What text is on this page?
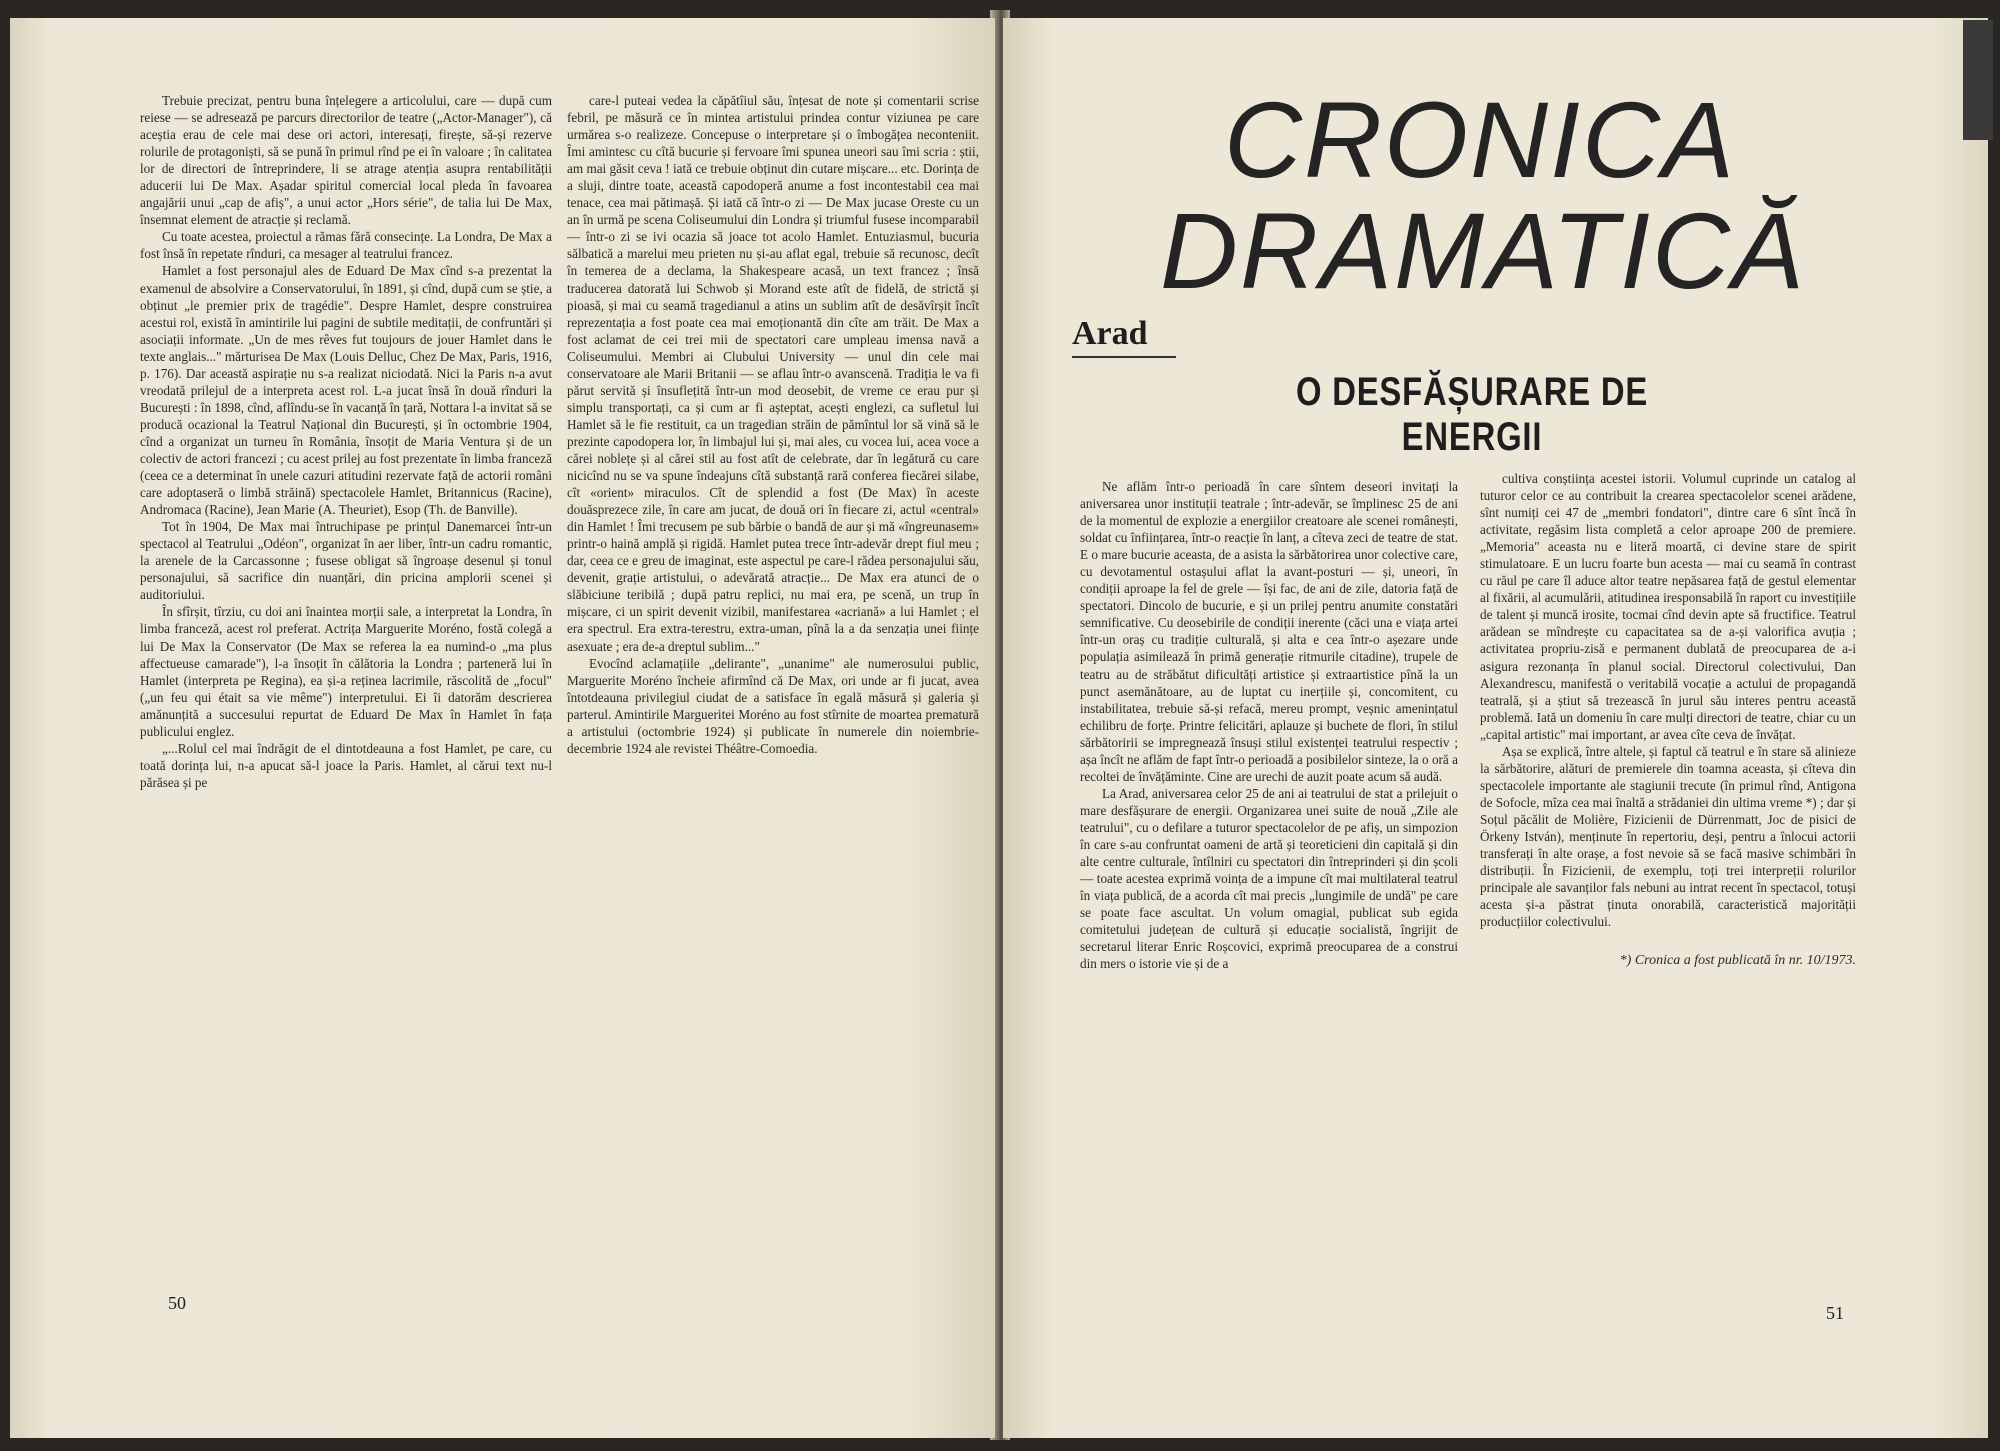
Trebuie precizat, pentru buna înțelegere a articolului, care — după cum reiese — se adresează pe parcurs directorilor de teatre („Actor-Manager"), că aceștia erau de cele mai dese ori actori, interesați, firește, să-și rezerve rolurile de protagoniști, să se pună în primul rînd pe ei în valoare ; în calitatea lor de directori de întreprindere, li se atrage atenția asupra rentabilității aducerii lui De Max. Așadar spiritul comercial local pleda în favoarea angajării unui „cap de afiș", a unui actor „Hors série", de talia lui De Max, însemnat element de atracție și reclamă.

Cu toate acestea, proiectul a rămas fără consecințe. La Londra, De Max a fost însă în repetate rînduri, ca mesager al teatrului francez.

Hamlet a fost personajul ales de Eduard De Max cînd s-a prezentat la examenul de absolvire a Conservatorului, în 1891, și cînd, după cum se știe, a obținut „le premier prix de tragédie". Despre Hamlet, despre construirea acestui rol, există în amintirile lui pagini de subtile meditații, de confruntări și asociații informate. „Un de mes rêves fut toujours de jouer Hamlet dans le texte anglais..." mărturisea De Max (Louis Delluc, Chez De Max, Paris, 1916, p. 176). Dar această aspirație nu s-a realizat niciodată. Nici la Paris n-a avut vreodată prilejul de a interpreta acest rol. L-a jucat însă în două rînduri la București : în 1898, cînd, aflîndu-se în vacanță în țară, Nottara l-a invitat să se producă ocazional la Teatrul Național din București, și în octombrie 1904, cînd a organizat un turneu în România, însoțit de Maria Ventura și de un colectiv de actori francezi ; cu acest prilej au fost prezentate în limba franceză (ceea ce a determinat în unele cazuri atitudini rezervate față de actorii români care adoptaseră o limbă străină) spectacolele Hamlet, Britannicus (Racine), Andromaca (Racine), Jean Marie (A. Theuriet), Esop (Th. de Banville).

Tot în 1904, De Max mai întruchipase pe prințul Danemarcei într-un spectacol al Teatrului „Odéon", organizat în aer liber, într-un cadru romantic, la arenele de la Carcassonne ; fusese obligat să îngroașe desenul și tonul personajului, să sacrifice din nuanțări, din pricina amplorii scenei și auditoriului.

În sfîrșit, tîrziu, cu doi ani înaintea morții sale, a interpretat la Londra, în limba franceză, acest rol preferat. Actrița Marguerite Moréno, fostă colegă a lui De Max la Conservator (De Max se referea la ea numind-o „ma plus affectueuse camarade"), l-a însoțit în călătoria la Londra ; parteneră lui în Hamlet (interpreta pe Regina), ea și-a reținea lacrimile, răscolită de „focul" („un feu qui était sa vie même") interpretului. Ei îi datorăm descrierea amănunțită a succesului repurtat de Eduard De Max în Hamlet în fața publicului englez.

„...Rolul cel mai îndrăgit de el dintotdeauna a fost Hamlet, pe care, cu toată dorința lui, n-a apucat să-l joace la Paris. Hamlet, al cărui text nu-l părăsea și pe

care-l puteai vedea la căpătîiul său, înțesat de note și comentarii scrise febril, pe măsură ce în mintea artistului prindea contur viziunea pe care urmărea s-o realizeze. Concepuse o interpretare și o îmbogățea neconteniit. Îmi amintesc cu cîtă bucurie și fervoare îmi spunea uneori sau îmi scria : știi, am mai găsit ceva ! iată ce trebuie obținut din cutare mișcare... etc. Dorința de a sluji, dintre toate, această capodoperă anume a fost incontestabil cea mai tenace, cea mai pătimașă. Și iată că într-o zi — De Max jucase Oreste cu un an în urmă pe scena Coliseumului din Londra și triumful fusese incomparabil— într-o zi se ivi ocazia să joace tot acolo Hamlet. Entuziasmul, bucuria sălbatică a marelui meu prieten nu și-au aflat egal, trebuie să recunosc, decît în temerea de a declama, la Shakespeare acasă, un text francez ; însă traducerea datorată lui Schwob și Morand este atît de fidelă, de strictă și pioasă, și mai cu seamă tragedianul a atins un sublim atît de desăvîrșit încît reprezentația a fost poate cea mai emoționantă din cîte am trăit. De Max a fost aclamat de cei trei mii de spectatori care umpleau imensa navă a Coliseumului. Membri ai Clubului University — unul din cele mai conservatoare ale Marii Britanii — se aflau într-o avanscenă. Tradiția le va fi părut servită și însuflețită într-un mod deosebit, de vreme ce erau pur și simplu transportați, ca și cum ar fi așteptat, acești englezi, ca sufletul lui Hamlet să le fie restituit, ca un tragedian străin de pămîntul lor să vină să le prezinte capodopera lor, în limbajul lui și, mai ales, cu vocea lui, acea voce a cărei noblețe și al cărei stil au fost atît de celebrate, dar în legătură cu care nicicînd nu se va spune îndeajuns cîtă substanță rară conferea fiecărei silabe, cît «orient» miraculos. Cît de splendid a fost (De Max) în aceste douăsprezece zile, în care am jucat, de două ori în fiecare zi, actul «central» din Hamlet ! Îmi trecusem pe sub bărbie o bandă de aur și mă «îngreunasem» printr-o haină amplă și rigidă. Hamlet putea trece într-adevăr drept fiul meu ; dar, ceea ce e greu de imaginat, este aspectul pe care-l rădea personajului său, devenit, grație artistului, o adevărată atracție... De Max era atunci de o slăbiciune teribilă ; după patru replici, nu mai era, pe scenă, un trup în mișcare, ci un spirit devenit vizibil, manifestarea «acriană» a lui Hamlet ; el era spectrul. Era extra-terestru, extra-uman, pînă la a da senzația unei ființe asexuate ; era de-a dreptul sublim..."

Evocînd aclamațiile „delirante", „unanime" ale numerosului public, Marguerite Moréno încheie afirmînd că De Max, ori unde ar fi jucat, avea întotdeauna privilegiul ciudat de a satisface în egală măsură și galeria și parterul. Amintirile Margueritei Moréno au fost stîrnite de moartea prematură a artistului (octombrie 1924) și publicate în numerele din noiembrie-decembrie 1924 ale revistei Théâtre-Comoedia.

50
CRONICA
DRAMATICĂ
Arad
O DESFĂȘURARE DE ENERGII

Ne aflăm într-o perioadă în care sîntem deseori invitați la aniversarea unor instituții teatrale ; într-adevăr, se împlinesc 25 de ani de la momentul de explozie a energiilor creatoare ale scenei românești, soldat cu înființarea, într-o reacție în lanț, a cîteva zeci de teatre de stat. E o mare bucurie aceasta, de a asista la sărbătorirea unor colective care, cu devotamentul ostașului aflat la avant-posturi — și, uneori, în condiții aproape la fel de grele — își fac, de ani de zile, datoria față de spectatori. Dincolo de bucurie, e și un prilej pentru anumite constatări semnificative. Cu deosebirile de condiții inerente (căci una e viața artei într-un oraș cu tradiție culturală, și alta e cea într-o așezare unde populația asimilează în primă generație ritmurile citadine), trupele de teatru au de străbătut dificultăți artistice și extraartistice pînă la un punct asemănătoare, au de luptat cu inerțiile și, concomitent, cu instabilitatea, trebuie să-și refacă, mereu prompt, veșnic amenințatul echilibru de forțe. Printre felicitări, aplauze și buchete de flori, în stilul sărbătoririi se impregnează însuși stilul existenței teatrului respectiv ; așa încît ne aflăm de fapt într-o perioadă a posibilelor sinteze, la o oră a recoltei de învățăminte. Cine are urechi de auzit poate acum să audă.

La Arad, aniversarea celor 25 de ani ai teatrului de stat a prilejuit o mare desfășurare de energii. Organizarea unei suite de nouă „Zile ale teatrului", cu o defilare a tuturor spectacolelor de pe afiș, un simpozion în care s-au confruntat oameni de artă și teoreticieni din capitală și din alte centre culturale, întîlniri cu spectatori din întreprinderi și din școli — toate acestea exprimă voința de a impune cît mai multilateral teatrul în viața publică, de a acorda cît mai precis „lungimile de undă" pe care se poate face ascultat. Un volum omagial, publicat sub egida comitetului județean de cultură și educație socialistă, îngrijit de secretarul literar Enric Roșcovici, exprimă preocuparea de a construi din mers o istorie vie și de a

cultiva conștiința acestei istorii. Volumul cuprinde un catalog al tuturor celor ce au contribuit la crearea spectacolelor scenei arădene, sînt numiți cei 47 de „membri fondatori", dintre care 6 sînt încă în activitate, regăsim lista completă a celor aproape 200 de premiere. „Memoria" aceasta nu e literă moartă, ci devine stare de spirit stimulatoare. E un lucru foarte bun acesta — mai cu seamă în contrast cu răul pe care îl aduce altor teatre nepăsarea față de gestul elementar al fixării, al acumulării, atitudinea iresponsabilă în raport cu investițiile de talent și muncă irosite, tocmai cînd devin apte să fructifice. Teatrul arădean se mîndrește cu capacitatea sa de a-și valorifica avuția ; activitatea propriu-zisă e permanent dublată de preocuparea de a-i asigura rezonanța în planul social. Directorul colectivului, Dan Alexandrescu, manifestă o veritabilă vocație a actului de propagandă teatrală, și a știut să trezească în jurul său interes pentru această problemă. Iată un domeniu în care mulți directori de teatre, chiar cu un „capital artistic" mai important, ar avea cîte ceva de învățat.

Așa se explică, între altele, și faptul că teatrul e în stare să alinieze la sărbătorire, alături de premierele din toamna aceasta, și cîteva din spectacolele importante ale stagiunii trecute (în primul rînd, Antigona de Sofocle, mîza cea mai înaltă a strădaniei din ultima vreme *) ; dar și Soțul păcălit de Molière, Fizicienii de Dürrenmatt, Joc de pisici de Örkeny István), menținute în repertoriu, deși, pentru a înlocui actorii transferați în alte orașe, a fost nevoie să se facă masive schimbări în distribuții. În Fizicienii, de exemplu, toți trei interpreții rolurilor principale ale savanților fals nebuni au intrat recent în spectacol, totuși acesta și-a păstrat ținuta onorabilă, caracteristică majorității producțiilor colectivului.

*) Cronica a fost publicată în nr. 10/1973.

51
